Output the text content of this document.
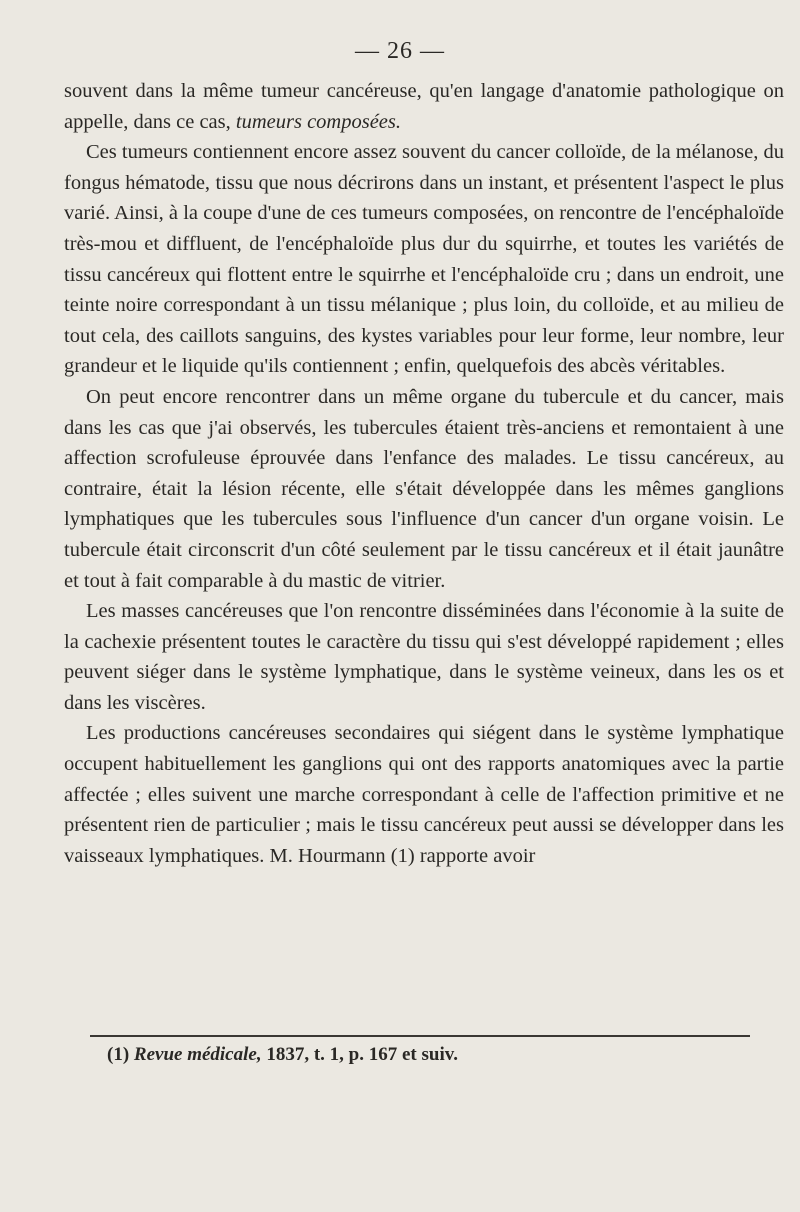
— 26 —

souvent dans la même tumeur cancéreuse, qu'en langage d'anatomie pathologique on appelle, dans ce cas, tumeurs composées.

Ces tumeurs contiennent encore assez souvent du cancer colloïde, de la mélanose, du fongus hématode, tissu que nous décrirons dans un instant, et présentent l'aspect le plus varié. Ainsi, à la coupe d'une de ces tumeurs composées, on rencontre de l'encéphaloïde très-mou et diffluent, de l'encéphaloïde plus dur du squirrhe, et toutes les variétés de tissu cancéreux qui flottent entre le squirrhe et l'encéphaloïde cru ; dans un endroit, une teinte noire correspondant à un tissu mélanique ; plus loin, du colloïde, et au milieu de tout cela, des caillots sanguins, des kystes variables pour leur forme, leur nombre, leur grandeur et le liquide qu'ils contiennent ; enfin, quelquefois des abcès véritables.

On peut encore rencontrer dans un même organe du tubercule et du cancer, mais dans les cas que j'ai observés, les tubercules étaient très-anciens et remontaient à une affection scrofuleuse éprouvée dans l'enfance des malades. Le tissu cancéreux, au contraire, était la lésion récente, elle s'était développée dans les mêmes ganglions lymphatiques que les tubercules sous l'influence d'un cancer d'un organe voisin. Le tubercule était circonscrit d'un côté seulement par le tissu cancéreux et il était jaunâtre et tout à fait comparable à du mastic de vitrier.

Les masses cancéreuses que l'on rencontre disséminées dans l'économie à la suite de la cachexie présentent toutes le caractère du tissu qui s'est développé rapidement ; elles peuvent siéger dans le système lymphatique, dans le système veineux, dans les os et dans les viscères.

Les productions cancéreuses secondaires qui siégent dans le système lymphatique occupent habituellement les ganglions qui ont des rapports anatomiques avec la partie affectée ; elles suivent une marche correspondant à celle de l'affection primitive et ne présentent rien de particulier ; mais le tissu cancéreux peut aussi se développer dans les vaisseaux lymphatiques. M. Hourmann (1) rapporte avoir

(1) Revue médicale, 1837, t. 1, p. 167 et suiv.
